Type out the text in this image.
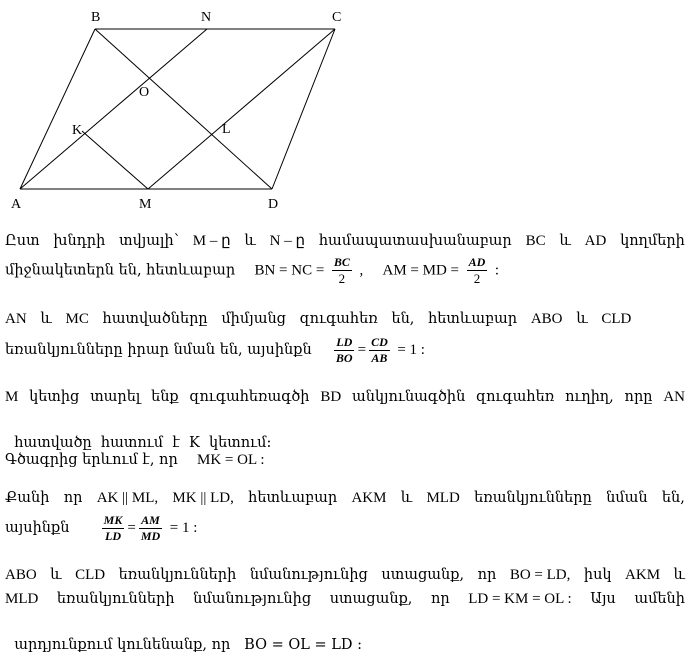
B	N	C
O
K	L
A	M	D
Ըստ խնդրի տվյալի՝ M – ը և N – ը համապատասխանաբար BC և AD կողմերի
միջնակետերն են, հետևաբար BN = NC = $\frac{BC}{2}$ , AM = MD = $\frac{AD}{2}$ :
AN և MC հատվածները միմյանց զուգահեռ են, հետևաբար ABO և CLD
եռանկյունները իրար նման են, այսինքն $\frac{LD}{BO} = \frac{CD}{AB} = 1$ :
M կետից տարել ենք զուգահեռագծի BD անկյունագծին զուգահեռ ուղիղ, որը AN

հատվածը  հատում  է  K  կետում:

Գծագրից երևում է, որ MK = OL :
Քանի որ AK || ML, MK || LD, հետևաբար AKM և MLD եռանկյունները նման են,
այսինքն	$\frac{MK}{LD} = \frac{AM}{MD} = 1$ :
ABO և CLD եռանկյունների նմանությունից ստացանք, որ BO = LD, իսկ AKM և
MLD եռանկյունների նմանությունից ստացանք, որ LD = KM = OL : Այս ամենի

արդյունքում կունենանք, որ   BO = OL = LD :
